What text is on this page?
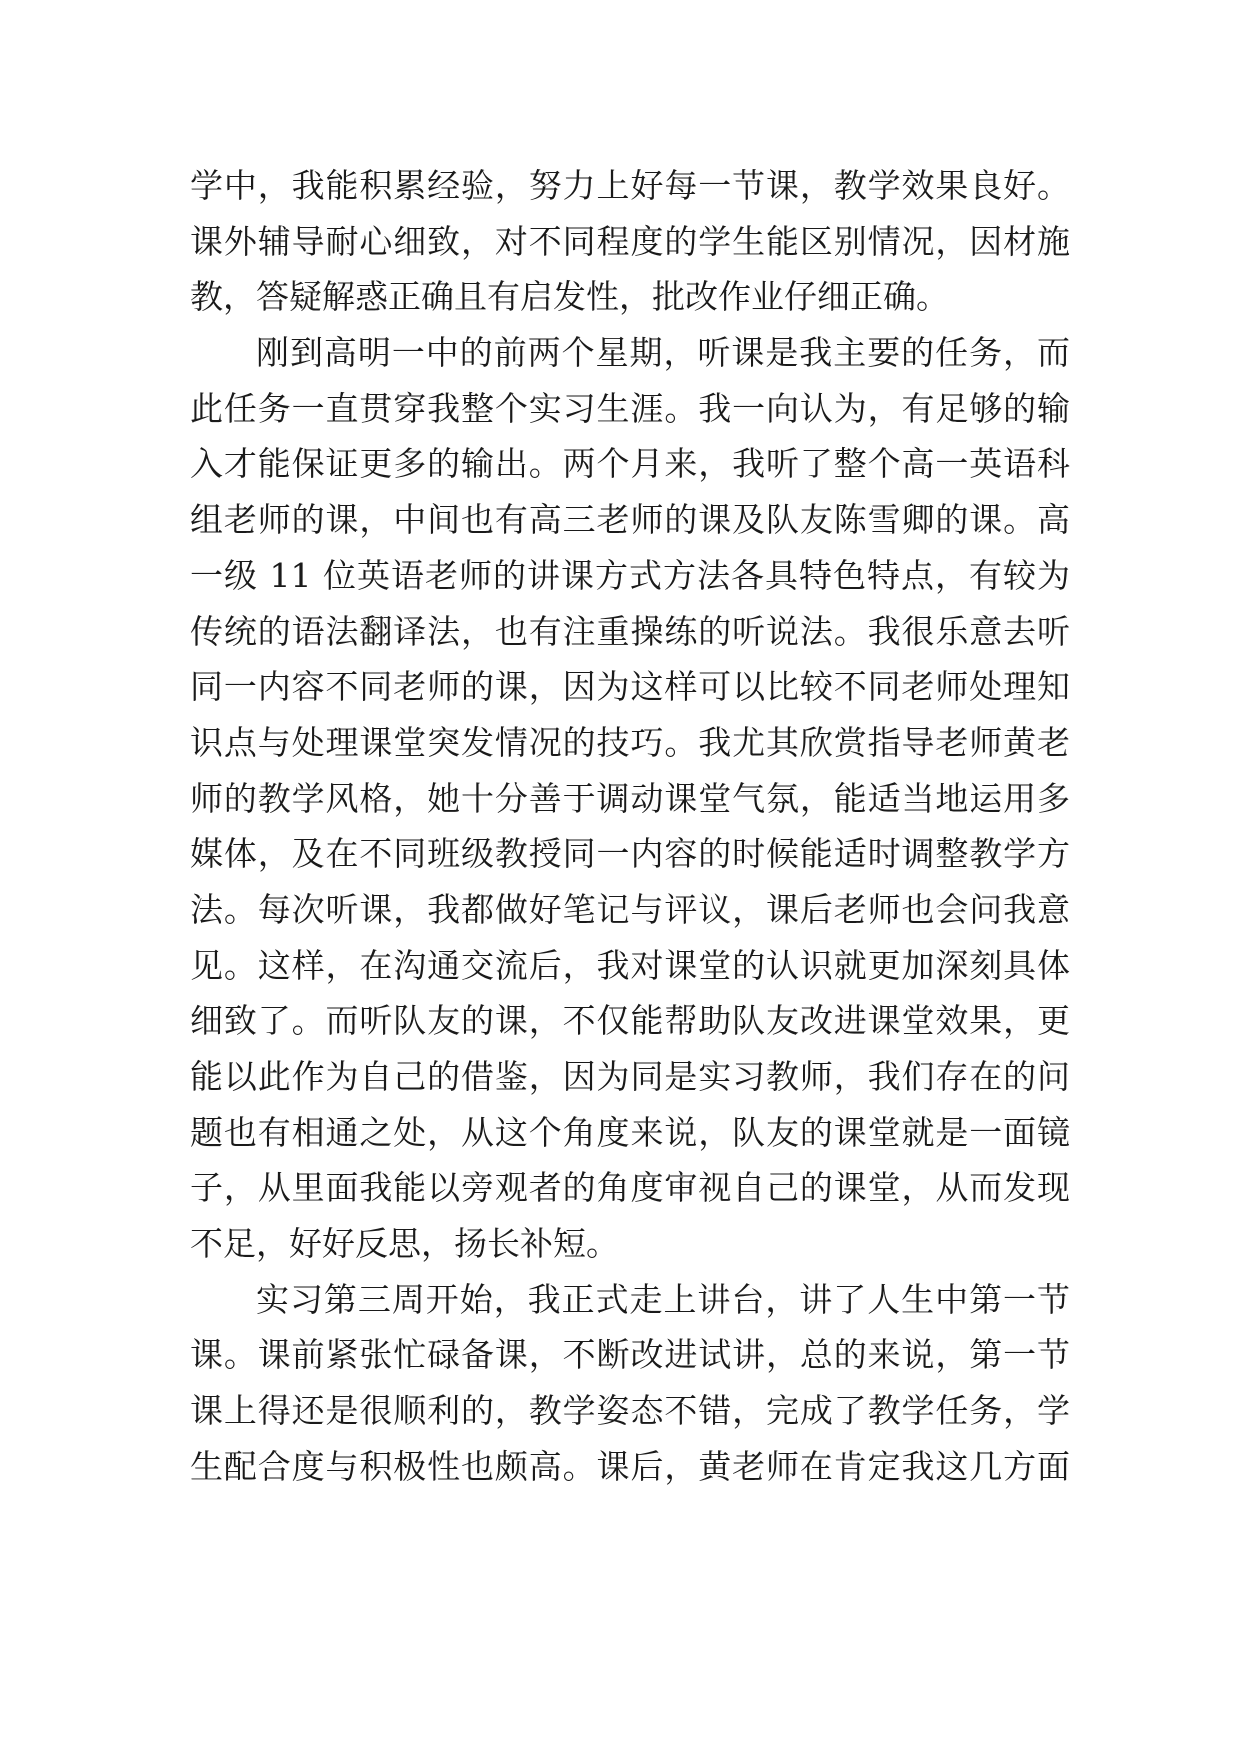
学中，我能积累经验，努力上好每一节课，教学效果良好。
课外辅导耐心细致，对不同程度的学生能区别情况，因材施
教，答疑解惑正确且有启发性，批改作业仔细正确。
刚到高明一中的前两个星期，听课是我主要的任务，而
此任务一直贯穿我整个实习生涯。我一向认为，有足够的输
入才能保证更多的输出。两个月来，我听了整个高一英语科
组老师的课，中间也有高三老师的课及队友陈雪卿的课。高
一级 11 位英语老师的讲课方式方法各具特色特点，有较为
传统的语法翻译法，也有注重操练的听说法。我很乐意去听
同一内容不同老师的课，因为这样可以比较不同老师处理知
识点与处理课堂突发情况的技巧。我尤其欣赏指导老师黄老
师的教学风格，她十分善于调动课堂气氛，能适当地运用多
媒体，及在不同班级教授同一内容的时候能适时调整教学方
法。每次听课，我都做好笔记与评议，课后老师也会问我意
见。这样，在沟通交流后，我对课堂的认识就更加深刻具体
细致了。而听队友的课，不仅能帮助队友改进课堂效果，更
能以此作为自己的借鉴，因为同是实习教师，我们存在的问
题也有相通之处，从这个角度来说，队友的课堂就是一面镜
子，从里面我能以旁观者的角度审视自己的课堂，从而发现
不足，好好反思，扬长补短。
实习第三周开始，我正式走上讲台，讲了人生中第一节
课。课前紧张忙碌备课，不断改进试讲，总的来说，第一节
课上得还是很顺利的，教学姿态不错，完成了教学任务，学
生配合度与积极性也颇高。课后，黄老师在肯定我这几方面
